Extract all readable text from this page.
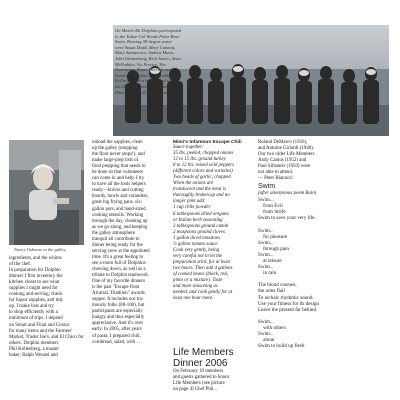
On March 4th Dolphins participated
in the Tahoe-Cal Woods Polar Bear
Swim. Braving 38-degree water
were Susan Dodd, Mary Cannon,
Mary Santacroce, Andrea Mann,
John Glattenberg, Rich Arseto, Sean
McFadden, Vic Procter, Tim
Overmeyer, Bryan Herrick, and
honorary Dolphin Josh Brekke. Tom
Kollin arrived a bit late and swam
the 200-yard course all butterfly.
Photo: Marion R. Fitzgibbons
Nancy Osborne in the galley.
ingredients, and the whims
of the chef.
In preparation for Dolphin
dinners I first inventory the
kitchen closet to see what
supplies I might need for
cooking and serving, check
for liquor supplies, and tidy
up. I make lists and try
to shop efficiently with a
minimum of trips. I depend
on Smart and Final and Costco
for many items and the Farmers'
Market, Trader Joe's, and El Chico for
others. Dolphin members
Phil Kollenberg, a master
baker, Ralph Wenzel and
unload the supplies, clean
up the galley (mopping
the floor never stops!), and
make large-prep lists of
food prepping that needs to
be done so that volunteers
can come in and help. I try
to have all the tools helpers
ready—knives and cutting
boards, bowls and colanders,
great big frying pans, six-
gallon pots, and hand-sized
cooking utensils. Working
through the day, cleaning up
as we go along, and keeping
the galley atmosphere
tranquil all contribute to
dinner being ready for the
serving crew at the appointed
time. It's a great feeling to
see a room full of Dolphins
chewing down, as well as a
tribute to Dolphin teamwork.
One of my favorite dinners
is the past "Escape from
Alcatraz Triathlon" awards
supper. It includes our tra-
mously folks (80-100), but
participants are especially
hungry and thus especially
appreciative. And it's over
early. In 2005, after years
of pasta, I prepared chili,
cornbread, salad, with . . .
Mimi's Infamous Escape Chili
Sauce together:
35 lbs. peeled, chopped onions
12 to 15 lbs. ground turkey
8 to 12 lbs. mixed wild peppers
(different colors and varieties)
Two heads of garlic, chopped
When the onions are
translucent and the meat is
thoroughly broken up and no
longer pink add:
1 cup chile powder
6 tablespoons dried oregano
or Italian herb seasoning
3 tablespoons ground cumin
2 teaspoons ground cloves
1 gallon diced tomatoes
½ gallon tomato sauce
Cook very gently, being
very careful not to let the
preparation stick, for at least
two hours. Then add 4 gallons
of cooked beans (black, red,
pinto or a mixture). Taste
and more seasoning as
needed, and cook gently for at
least one hour more.
Life Members Dinner 2006
On February 19 members
and guests gathered to honor
Life Members (see picture
on page 4) Chef Phil...
Roland DeMarco (1956),
and Antoine Girlardi (1948).
Our two older Life Members
Andy Camus (1952) and
Paul Sillzener (1950) were
not able to attend.
— Peter Bianucci
Swim
(after anonymous poem Rain)
Swim...
from Evil
from Strife
Swim to save your very life.

Swim...
for pleasure
Swim...
through pain
Swim...
at leisure
Swim...
in rain

The blood courses,
the arms flail
To archaic rhythmic sound.
Use your fitness for its design
Leave the present far behind.

Swim...
with others
Swim...
alone
Swim to build up flesh
